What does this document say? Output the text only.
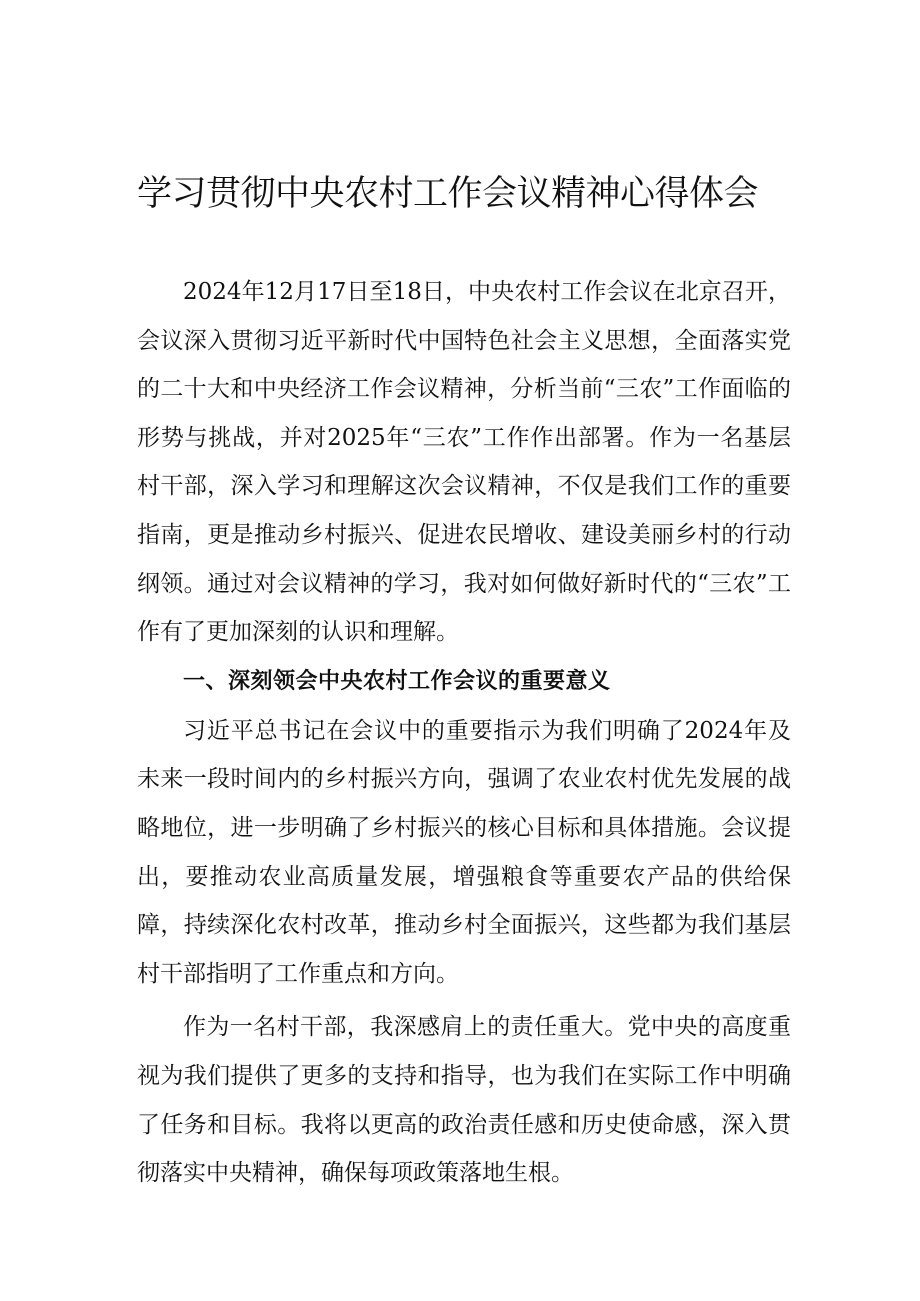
学习贯彻中央农村工作会议精神心得体会

2024年12月17日至18日，中央农村工作会议在北京召开，会议深入贯彻习近平新时代中国特色社会主义思想，全面落实党的二十大和中央经济工作会议精神，分析当前“三农”工作面临的形势与挑战，并对2025年“三农”工作作出部署。作为一名基层村干部，深入学习和理解这次会议精神，不仅是我们工作的重要指南，更是推动乡村振兴、促进农民增收、建设美丽乡村的行动纲领。通过对会议精神的学习，我对如何做好新时代的“三农”工作有了更加深刻的认识和理解。

一、深刻领会中央农村工作会议的重要意义

习近平总书记在会议中的重要指示为我们明确了2024年及未来一段时间内的乡村振兴方向，强调了农业农村优先发展的战略地位，进一步明确了乡村振兴的核心目标和具体措施。会议提出，要推动农业高质量发展，增强粮食等重要农产品的供给保障，持续深化农村改革，推动乡村全面振兴，这些都为我们基层村干部指明了工作重点和方向。

作为一名村干部，我深感肩上的责任重大。党中央的高度重视为我们提供了更多的支持和指导，也为我们在实际工作中明确了任务和目标。我将以更高的政治责任感和历史使命感，深入贯彻落实中央精神，确保每项政策落地生根。
